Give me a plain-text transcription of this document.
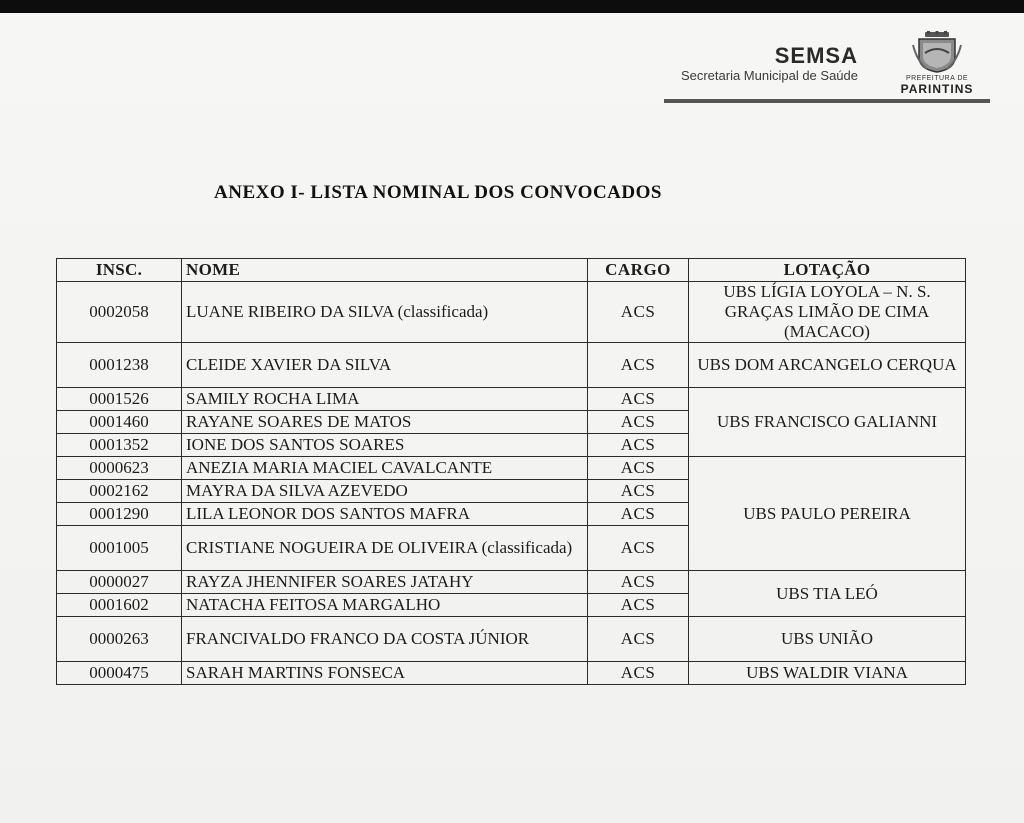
SEMSA
Secretaria Municipal de Saúde	PREFEITURA DE
PARINTINS
ANEXO I- LISTA NOMINAL DOS CONVOCADOS
INSC.	NOME	CARGO	LOTAÇÃO
0002058	LUANE RIBEIRO DA SILVA (classificada)	ACS	UBS LÍGIA LOYOLA – N. S. GRAÇAS LIMÃO DE CIMA (MACACO)
0001238	CLEIDE XAVIER DA SILVA	ACS	UBS DOM ARCANGELO CERQUA
0001526	SAMILY ROCHA LIMA	ACS	UBS FRANCISCO GALIANNI
0001460	RAYANE SOARES DE MATOS	ACS	
0001352	IONE DOS SANTOS SOARES	ACS	
0000623	ANEZIA MARIA MACIEL CAVALCANTE	ACS	UBS PAULO PEREIRA
0002162	MAYRA DA SILVA AZEVEDO	ACS	
0001290	LILA LEONOR DOS SANTOS MAFRA	ACS	
0001005	CRISTIANE NOGUEIRA DE OLIVEIRA (classificada)	ACS	
0000027	RAYZA JHENNIFER SOARES JATAHY	ACS	UBS TIA LEÓ
0001602	NATACHA FEITOSA MARGALHO	ACS	
0000263	FRANCIVALDO FRANCO DA COSTA JÚNIOR	ACS	UBS UNIÃO
0000475	SARAH MARTINS FONSECA	ACS	UBS WALDIR VIANA
